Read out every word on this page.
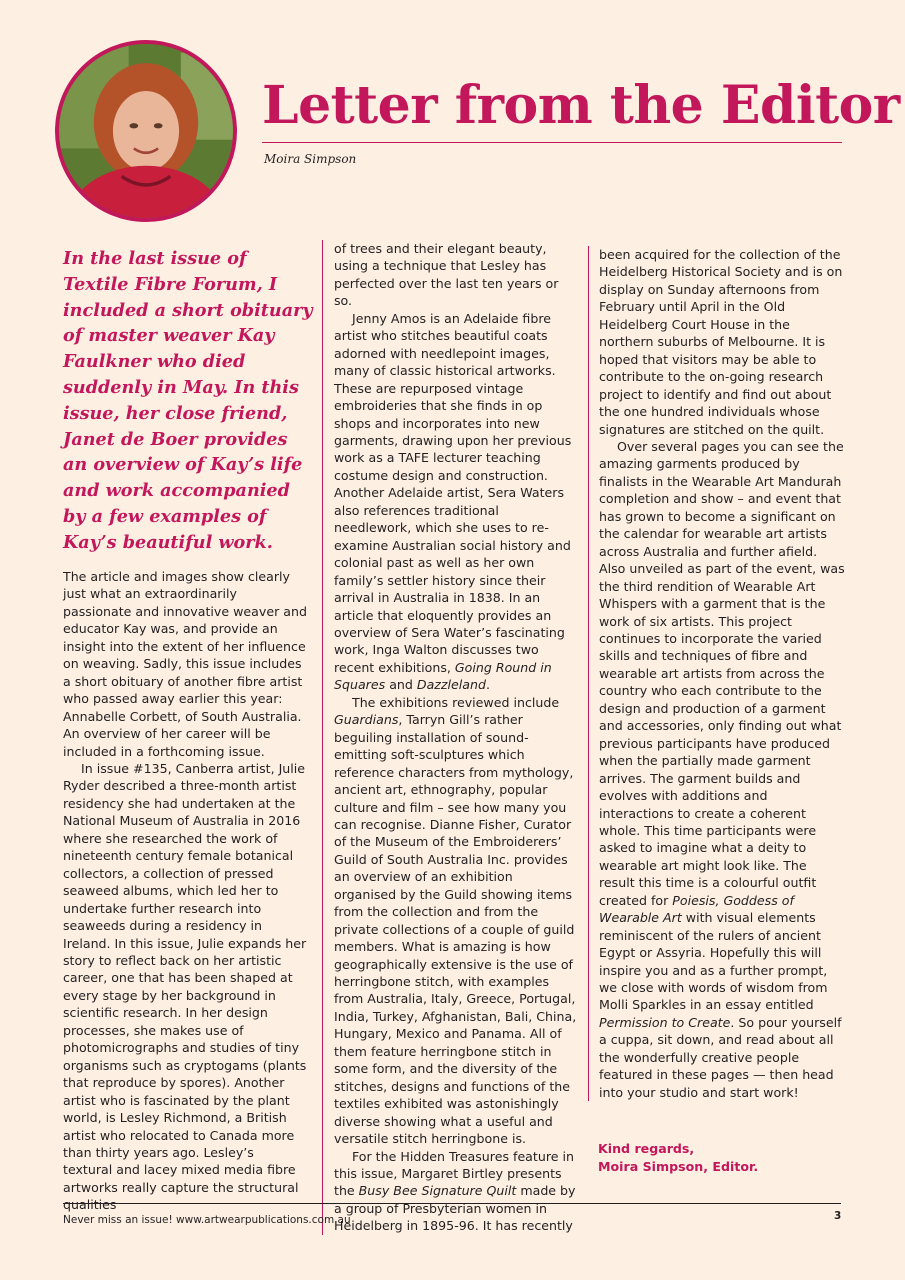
Letter from the Editor
Moira Simpson

In the last issue of Textile Fibre Forum, I included a short obituary of master weaver Kay Faulkner who died suddenly in May. In this issue, her close friend, Janet de Boer provides an overview of Kay’s life and work accompanied by a few examples of Kay’s beautiful work.

The article and images show clearly just what an extraordinarily passionate and innovative weaver and educator Kay was, and provide an insight into the extent of her influence on weaving. Sadly, this issue includes a short obituary of another fibre artist who passed away earlier this year: Annabelle Corbett, of South Australia. An overview of her career will be included in a forthcoming issue.

In issue #135, Canberra artist, Julie Ryder described a three-month artist residency she had undertaken at the National Museum of Australia in 2016 where she researched the work of nineteenth century female botanical collectors, a collection of pressed seaweed albums, which led her to undertake further research into seaweeds during a residency in Ireland. In this issue, Julie expands her story to reflect back on her artistic career, one that has been shaped at every stage by her background in scientific research. In her design processes, she makes use of photomicrographs and studies of tiny organisms such as cryptogams (plants that reproduce by spores). Another artist who is fascinated by the plant world, is Lesley Richmond, a British artist who relocated to Canada more than thirty years ago. Lesley’s textural and lacey mixed media fibre artworks really capture the structural qualities

of trees and their elegant beauty, using a technique that Lesley has perfected over the last ten years or so.

Jenny Amos is an Adelaide fibre artist who stitches beautiful coats adorned with needlepoint images, many of classic historical artworks. These are repurposed vintage embroideries that she finds in op shops and incorporates into new garments, drawing upon her previous work as a TAFE lecturer teaching costume design and construction. Another Adelaide artist, Sera Waters also references traditional needlework, which she uses to re-examine Australian social history and colonial past as well as her own family’s settler history since their arrival in Australia in 1838. In an article that eloquently provides an overview of Sera Water’s fascinating work, Inga Walton discusses two recent exhibitions, Going Round in Squares and Dazzleland.

The exhibitions reviewed include Guardians, Tarryn Gill’s rather beguiling installation of sound-emitting soft-sculptures which reference characters from mythology, ancient art, ethnography, popular culture and film – see how many you can recognise. Dianne Fisher, Curator of the Museum of the Embroiderers’ Guild of South Australia Inc. provides an overview of an exhibition organised by the Guild showing items from the collection and from the private collections of a couple of guild members. What is amazing is how geographically extensive is the use of herringbone stitch, with examples from Australia, Italy, Greece, Portugal, India, Turkey, Afghanistan, Bali, China, Hungary, Mexico and Panama. All of them feature herringbone stitch in some form, and the diversity of the stitches, designs and functions of the textiles exhibited was astonishingly diverse showing what a useful and versatile stitch herringbone is.

For the Hidden Treasures feature in this issue, Margaret Birtley presents the Busy Bee Signature Quilt made by a group of Presbyterian women in Heidelberg in 1895-96. It has recently

been acquired for the collection of the Heidelberg Historical Society and is on display on Sunday afternoons from February until April in the Old Heidelberg Court House in the northern suburbs of Melbourne. It is hoped that visitors may be able to contribute to the on-going research project to identify and find out about the one hundred individuals whose signatures are stitched on the quilt.

Over several pages you can see the amazing garments produced by finalists in the Wearable Art Mandurah completion and show – and event that has grown to become a significant on the calendar for wearable art artists across Australia and further afield. Also unveiled as part of the event, was the third rendition of Wearable Art Whispers with a garment that is the work of six artists. This project continues to incorporate the varied skills and techniques of fibre and wearable art artists from across the country who each contribute to the design and production of a garment and accessories, only finding out what previous participants have produced when the partially made garment arrives. The garment builds and evolves with additions and interactions to create a coherent whole. This time participants were asked to imagine what a deity to wearable art might look like. The result this time is a colourful outfit created for Poiesis, Goddess of Wearable Art with visual elements reminiscent of the rulers of ancient Egypt or Assyria. Hopefully this will inspire you and as a further prompt, we close with words of wisdom from Molli Sparkles in an essay entitled Permission to Create. So pour yourself a cuppa, sit down, and read about all the wonderfully creative people featured in these pages — then head into your studio and start work!

Kind regards,
Moira Simpson, Editor.
Never miss an issue! www.artwearpublications.com.au	3
